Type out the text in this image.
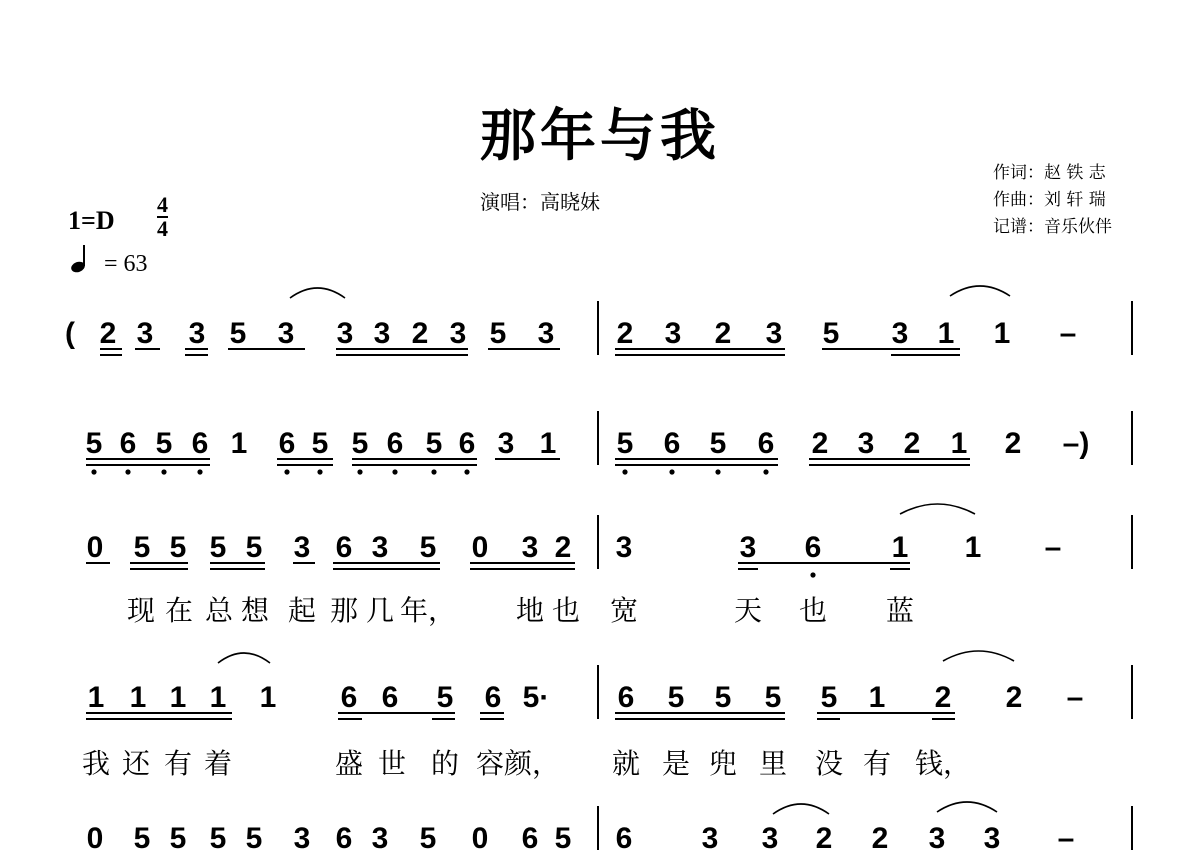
那年与我
演唱：高晓妹
作词：赵 铁 志
作曲：刘 轩 瑞
记谱：音乐伙伴
1=D
4
4
= 63
( 2 3 3 5 3 3 3 2 3 5 3 2 3 2 3 5 3 1 1 –
5 6 5 6 1 6 5 5 6 5 6 3 1 5 6 5 6 2 3 2 1 2 –)
0 5 5 5 5 3 6 3 5 0 3 2 3	3 6 1 1 –
现 在 总 想 起 那 几 年， 地 也 宽	天 也 蓝
1 1 1 1 1 6 6 5 6 5· 6 5 5 5 5 1 2 2 –
我 还 有 着	盛 世 的 容 颜， 就 是 兜 里 没 有 钱，
0 5 5 5 5 3 6 3 5 0 6 5 6 3 3 2 2 3 3 –
